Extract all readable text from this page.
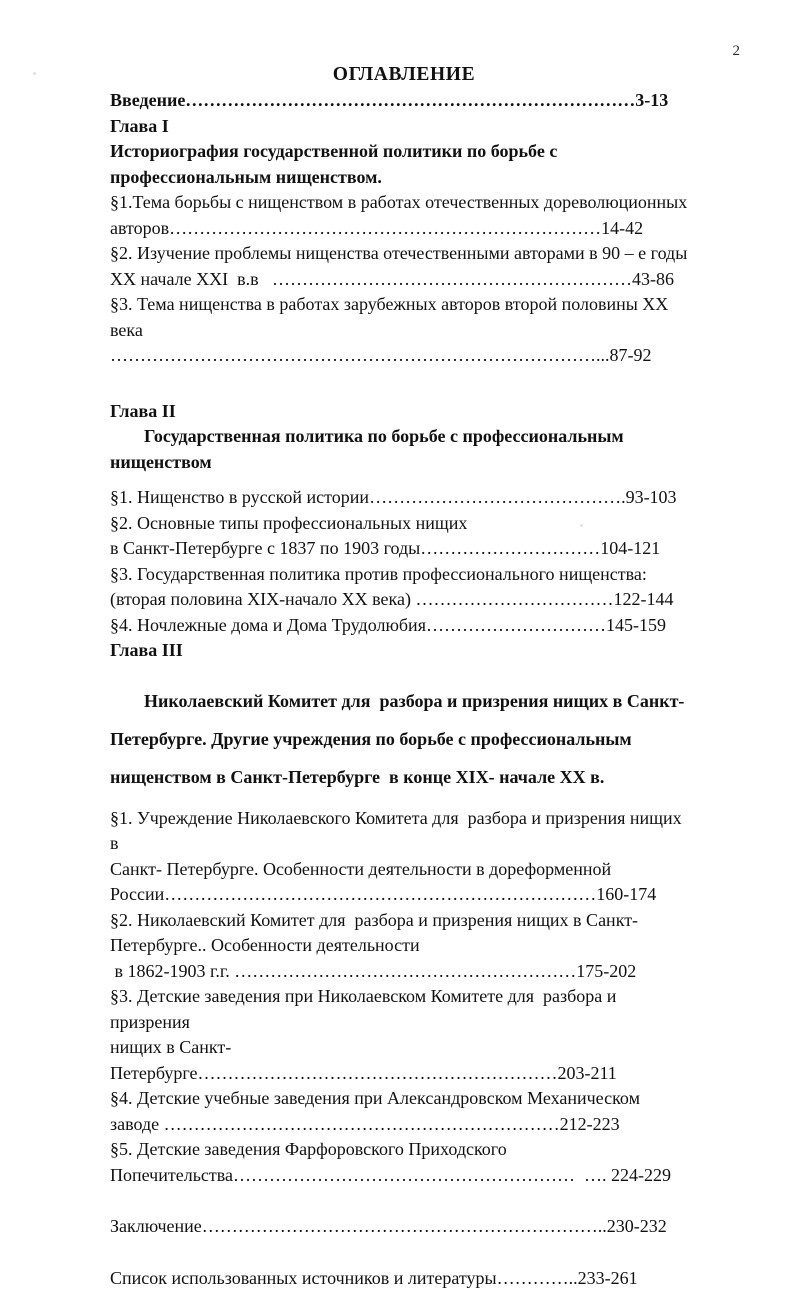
2
ОГЛАВЛЕНИЕ
Введение…………………………………………………………………3-13
Глава I
Историография государственной политики по борьбе с
профессиональным нищенством.
§1.Тема борьбы с нищенством в работах отечественных дореволюционных
авторов………………………………………………………………14-42
§2. Изучение проблемы нищенства отечественными авторами в 90 – е годы
ХХ начале XXI  в.в   ……………………………………………………43-86
§3. Тема нищенства в работах зарубежных авторов второй половины ХХ века
………………………………………………………………………...87-92
Глава II
Государственная политика по борьбе с профессиональным
нищенством
§1. Нищенство в русской истории…………………………………….93-103
§2. Основные типы профессиональных нищих
в Санкт-Петербурге с 1837 по 1903 годы…………………………104-121
§3. Государственная политика против профессионального нищенства:
(вторая половина XIX-начало ХХ века) ……………………………122-144
§4. Ночлежные дома и Дома Трудолюбия…………………………145-159
Глава III
Николаевский Комитет для  разбора и призрения нищих в Санкт-
Петербурге. Другие учреждения по борьбе с профессиональным
нищенством в Санкт-Петербурге  в конце XIX- начале ХХ в.
§1. Учреждение Николаевского Комитета для  разбора и призрения нищих в
Санкт- Петербурге. Особенности деятельности в дореформенной
России………………………………………………………………160-174
§2. Николаевский Комитет для  разбора и призрения нищих в Санкт-
Петербурге.. Особенности деятельности
в 1862-1903 г.г. …………………………………………………175-202
§3. Детские заведения при Николаевском Комитете для  разбора и призрения
нищих в Санкт-
Петербурге……………………………………………………203-211
§4. Детские учебные заведения при Александровском Механическом
заводе …………………………………………………………212-223
§5. Детские заведения Фарфоровского Приходского
Попечительства…………………………………………………  …. 224-229
Заключение…………………………………………………………..230-232
Список использованных источников и литературы…………..233-261
